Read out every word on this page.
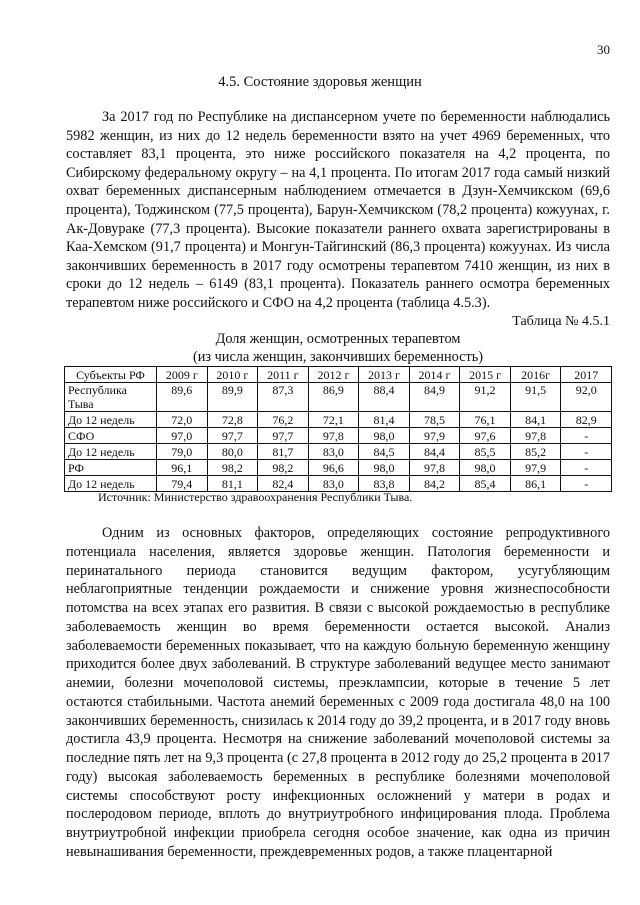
30
4.5. Состояние здоровья женщин

За 2017 год по Республике на диспансерном учете по беременности наблюдались 5982 женщин, из них до 12 недель беременности взято на учет 4969 беременных, что составляет 83,1 процента, это ниже российского показателя на 4,2 процента, по Сибирскому федеральному округу – на 4,1 процента. По итогам 2017 года самый низкий охват беременных диспансерным наблюдением отмечается в Дзун-Хемчикском (69,6 процента), Тоджинском (77,5 процента), Барун-Хемчикском (78,2 процента) кожуунах, г. Ак-Довураке (77,3 процента). Высокие показатели раннего охвата зарегистрированы в Каа-Хемском (91,7 процента) и Монгун-Тайгинский (86,3 процента) кожуунах. Из числа закончивших беременность в 2017 году осмотрены терапевтом 7410 женщин, из них в сроки до 12 недель – 6149 (83,1 процента). Показатель раннего осмотра беременных терапевтом ниже российского и СФО на 4,2 процента (таблица 4.5.3).

Таблица № 4.5.1
Доля женщин, осмотренных терапевтом
(из числа женщин, закончивших беременность)
Субъекты РФ	2009 г	2010 г	2011 г	2012 г	2013 г	2014 г	2015 г	2016г	2017
Республика Тыва	89,6	89,9	87,3	86,9	88,4	84,9	91,2	91,5	92,0
До 12 недель	72,0	72,8	76,2	72,1	81,4	78,5	76,1	84,1	82,9
СФО	97,0	97,7	97,7	97,8	98,0	97,9	97,6	97,8	-
До 12 недель	79,0	80,0	81,7	83,0	84,5	84,4	85,5	85,2	-
РФ	96,1	98,2	98,2	96,6	98,0	97,8	98,0	97,9	-
До 12 недель	79,4	81,1	82,4	83,0	83,8	84,2	85,4	86,1	-
Источник: Министерство здравоохранения Республики Тыва.

Одним из основных факторов, определяющих состояние репродуктивного потенциала населения, является здоровье женщин. Патология беременности и перинатального периода становится ведущим фактором, усугубляющим неблагоприятные тенденции рождаемости и снижение уровня жизнеспособности потомства на всех этапах его развития. В связи с высокой рождаемостью в республике заболеваемость женщин во время беременности остается высокой. Анализ заболеваемости беременных показывает, что на каждую больную беременную женщину приходится более двух заболеваний. В структуре заболеваний ведущее место занимают анемии, болезни мочеполовой системы, преэклампсии, которые в течение 5 лет остаются стабильными. Частота анемий беременных с 2009 года достигала 48,0 на 100 закончивших беременность, снизилась к 2014 году до 39,2 процента, и в 2017 году вновь достигла 43,9 процента. Несмотря на снижение заболеваний мочеполовой системы за последние пять лет на 9,3 процента (с 27,8 процента в 2012 году до 25,2 процента в 2017 году) высокая заболеваемость беременных в республике болезнями мочеполовой системы способствуют росту инфекционных осложнений у матери в родах и послеродовом периоде, вплоть до внутриутробного инфицирования плода. Проблема внутриутробной инфекции приобрела сегодня особое значение, как одна из причин невынашивания беременности, преждевременных родов, а также плацентарной
